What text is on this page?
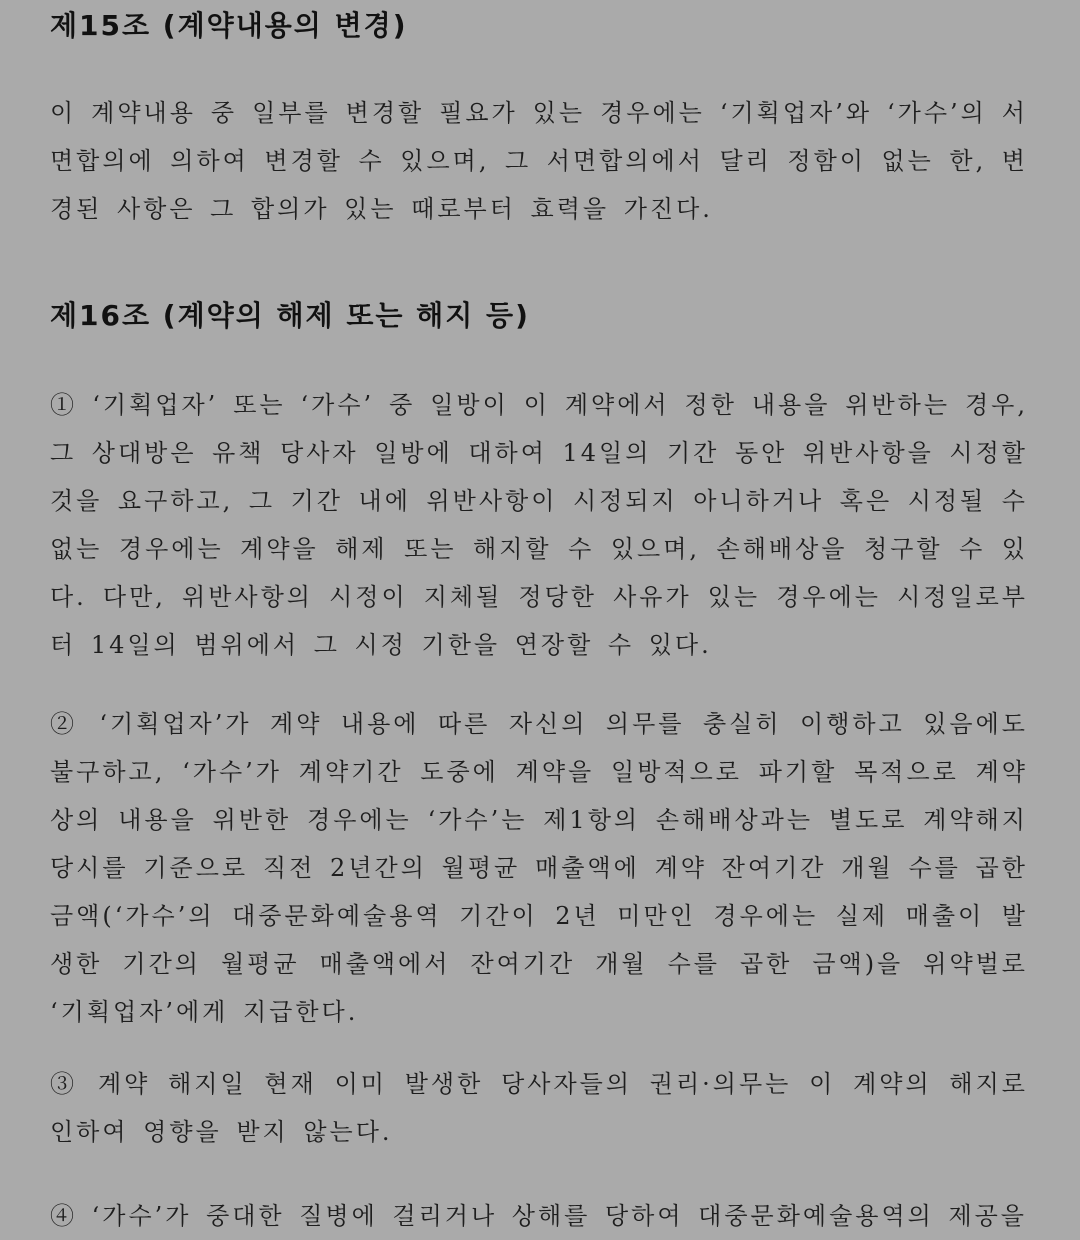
제15조 (계약내용의 변경)

이 계약내용 중 일부를 변경할 필요가 있는 경우에는 ‘기획업자’와 ‘가수’의 서면합의에 의하여 변경할 수 있으며, 그 서면합의에서 달리 정함이 없는 한, 변경된 사항은 그 합의가 있는 때로부터 효력을 가진다.

제16조 (계약의 해제 또는 해지 등)

① ‘기획업자’ 또는 ‘가수’ 중 일방이 이 계약에서 정한 내용을 위반하는 경우, 그 상대방은 유책 당사자 일방에 대하여 14일의 기간 동안 위반사항을 시정할 것을 요구하고, 그 기간 내에 위반사항이 시정되지 아니하거나 혹은 시정될 수 없는 경우에는 계약을 해제 또는 해지할 수 있으며, 손해배상을 청구할 수 있다. 다만, 위반사항의 시정이 지체될 정당한 사유가 있는 경우에는 시정일로부터 14일의 범위에서 그 시정 기한을 연장할 수 있다.

② ‘기획업자’가 계약 내용에 따른 자신의 의무를 충실히 이행하고 있음에도 불구하고, ‘가수’가 계약기간 도중에 계약을 일방적으로 파기할 목적으로 계약상의 내용을 위반한 경우에는 ‘가수’는 제1항의 손해배상과는 별도로 계약해지 당시를 기준으로 직전 2년간의 월평균 매출액에 계약 잔여기간 개월 수를 곱한 금액(‘가수’의 대중문화예술용역 기간이 2년 미만인 경우에는 실제 매출이 발생한 기간의 월평균 매출액에서 잔여기간 개월 수를 곱한 금액)을 위약벌로 ‘기획업자’에게 지급한다.

③ 계약 해지일 현재 이미 발생한 당사자들의 권리·의무는 이 계약의 해지로 인하여 영향을 받지 않는다.

④ ‘가수’가 중대한 질병에 걸리거나 상해를 당하여 대중문화예술용역의 제공을
